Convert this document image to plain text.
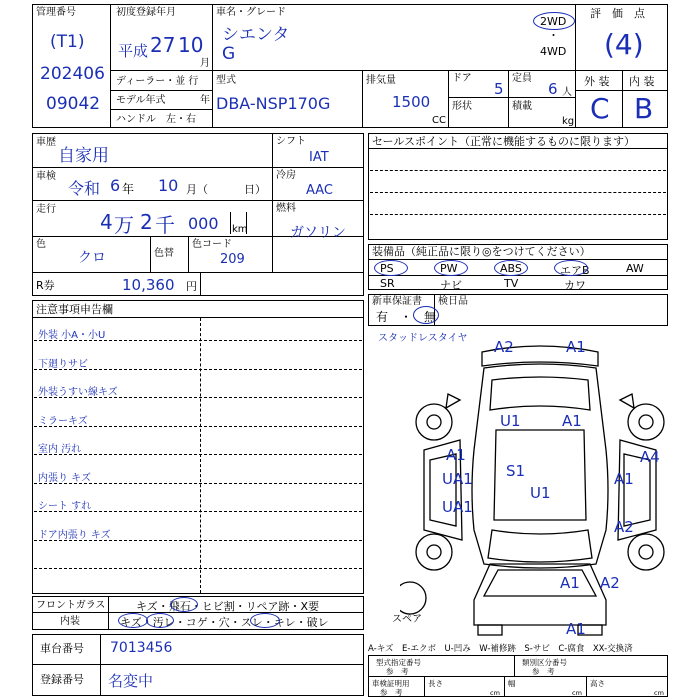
管理番号
(T1)
202406
09042
初度登録年月
平成 27 10
月
ディーラー・並 行
モデル年式	年
ハンドル　左・右
車名・グレード
シエンタ
G
2WD
・
4WD
評　価　点
(4)
型式
DBA-NSP170G
排気量
1500
CC
ドア
5
形状
定員
6 人
積載
kg
外 装 内 装
C B
車歴
自家用
シフト
IAT
車検
令和 6 年 10 月（	日）
冷房
AAC
走行
4 万 2 千 000 km
燃料
ガソリン
色
クロ	色替
色コード
209
R券	10,360 円
セールスポイント（正常に機能するものに限ります）
装備品（純正品に限り◎をつけてください）
PS	PW	ABS	エアB	AW
SR	ナビ	TV	カワ
新車保証書
有　・　無
検日品
注意事項申告欄
外装 小A・小U
下廻りサビ
外装うすい線キズ
ミラーキズ
室内 汚れ
内張り キズ
シート すれ
ドア内張り キズ
スタッドレスタイヤ
スペア
A2	A1
U1	A1
A1	A4
S1
UA1
U1
A1
UA1
A2
A1 A2
A1
フロントガラス	キズ・飛石・ヒビ割・リペア跡・X要
内装	キズ・汚レ・コゲ・穴・スレ・キレ・破レ
車台番号 7013456
登録番号 名変中
A-キズ　E-エクボ　U-凹み　W-補修跡　S-サビ　C-腐食　XX-交換済
型式指定番号
参　考
類別区分番号
参　考
車検証明用
参　考
長さ
cm
幅
cm
高さ
cm
